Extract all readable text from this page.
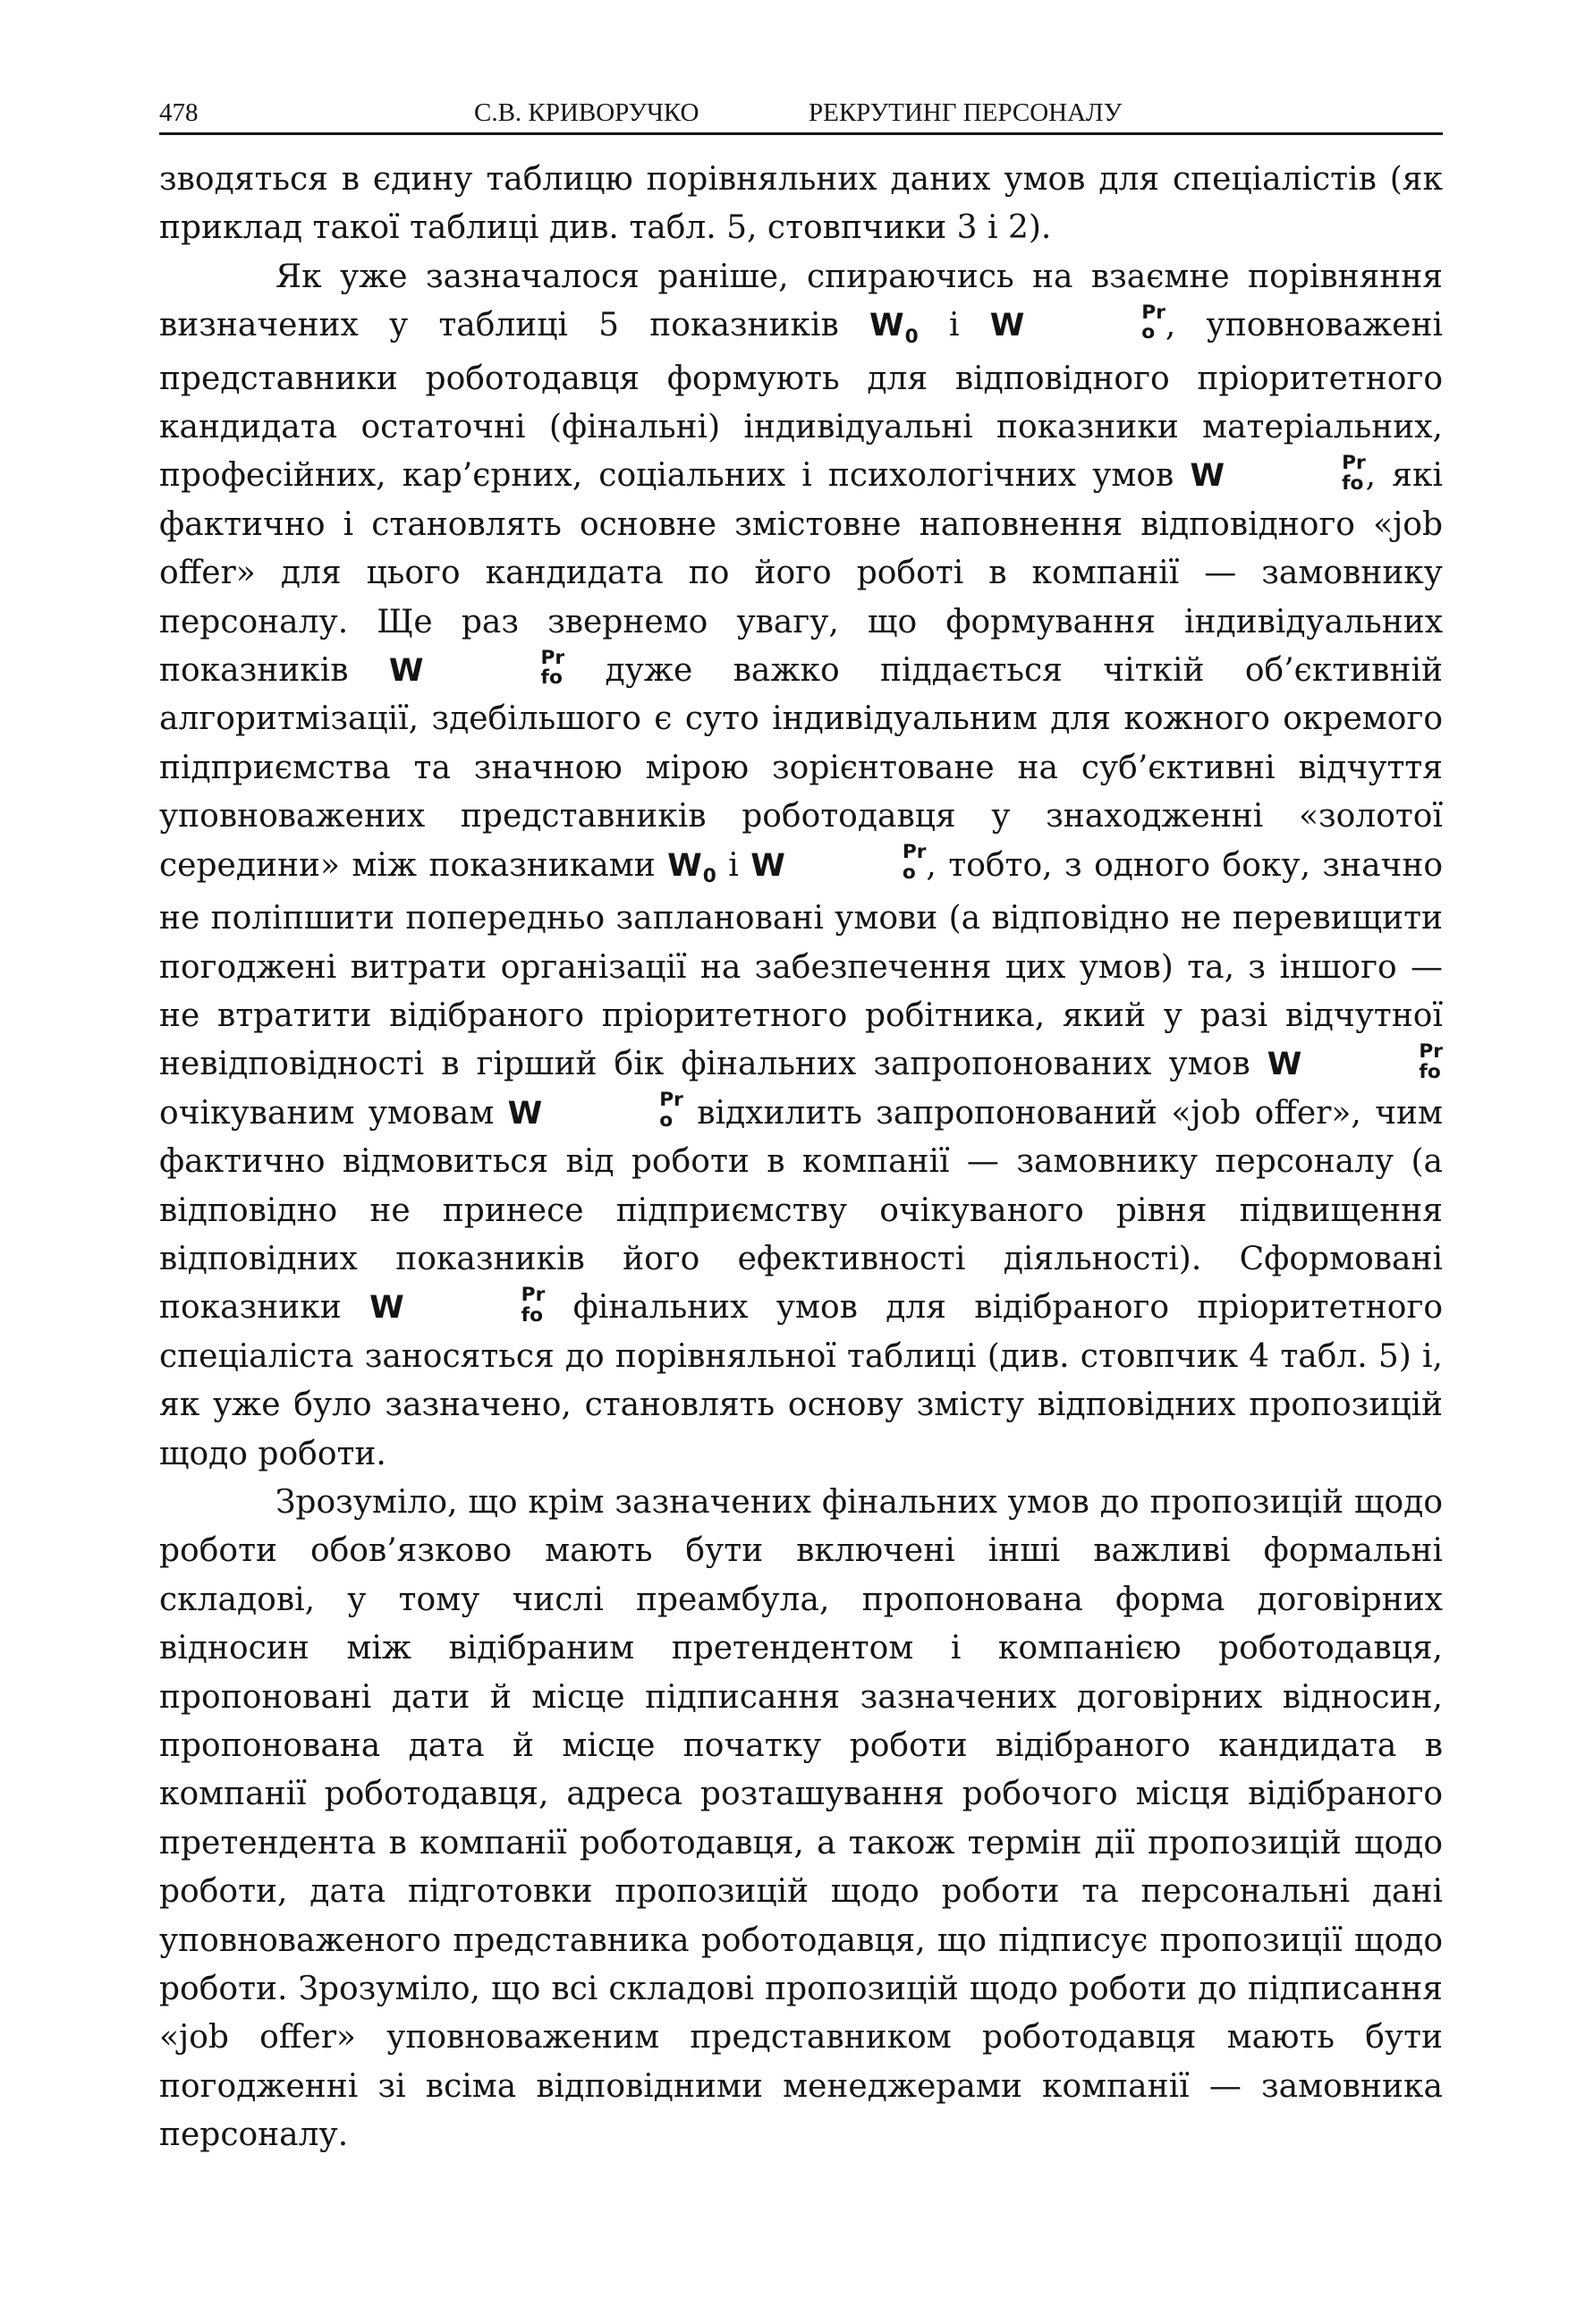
478	С.В. КРИВОРУЧКО	РЕКРУТИНГ ПЕРСОНАЛУ

зводяться в єдину таблицю порівняльних даних умов для спеціалістів (як приклад такої таблиці див. табл. 5, стовпчики 3 і 2).

Як уже зазначалося раніше, спираючись на взаємне порівняння визначених у таблиці 5 показників $W_0$ і W	Pr
o , уповноважені представники роботодавця формують для відповідного пріоритетного кандидата остаточні (фінальні) індивідуальні показники матеріальних, професійних, кар’єрних, соціальних і психологічних умов W	Pr
fo , які фактично і становлять основне змістовне наповнення відповідного «job offer» для цього кандидата по його роботі в компанії — замовнику персоналу. Ще раз звернемо увагу, що формування індивідуальних показників W	Pr
fo дуже важко піддається чіткій об’єктивній алгоритмізації, здебільшого є суто індивідуальним для кожного окремого підприємства та значною мірою зорієнтоване на суб’єктивні відчуття уповноважених представників роботодавця у знаходженні «золотої середини» між показниками $W_0$ і W	Pr
o , тобто, з одного боку, значно не поліпшити попередньо заплановані умови (а відповідно не перевищити погоджені витрати організації на забезпечення цих умов) та, з іншого — не втратити відібраного пріоритетного робітника, який у разі відчутної невідповідності в гірший бік фінальних запропонованих умов W	Pr
fo
очікуваним умовам W	Pr
o відхилить запропонований «job offer», чим фактично відмовиться від роботи в компанії — замовнику персоналу (а відповідно не принесе підприємству очікуваного рівня підвищення відповідних показників його ефективності діяльності). Сформовані показники W	Pr
fo фінальних умов для відібраного пріоритетного спеціаліста заносяться до порівняльної таблиці (див. стовпчик 4 табл. 5) і, як уже було зазначено, становлять основу змісту відповідних пропозицій щодо роботи.

Зрозуміло, що крім зазначених фінальних умов до пропозицій щодо роботи обов’язково мають бути включені інші важливі формальні складові, у тому числі преамбула, пропонована форма договірних відносин між відібраним претендентом і компанією роботодавця, пропоновані дати й місце підписання зазначених договірних відносин, пропонована дата й місце початку роботи відібраного кандидата в компанії роботодавця, адреса розташування робочого місця відібраного претендента в компанії роботодавця, а також термін дії пропозицій щодо роботи, дата підготовки пропозицій щодо роботи та персональні дані уповноваженого представника роботодавця, що підписує пропозиції щодо роботи. Зрозуміло, що всі складові пропозицій щодо роботи до підписання «job offer» уповноваженим представником роботодавця мають бути погодженні зі всіма відповідними менеджерами компанії — замовника персоналу.
